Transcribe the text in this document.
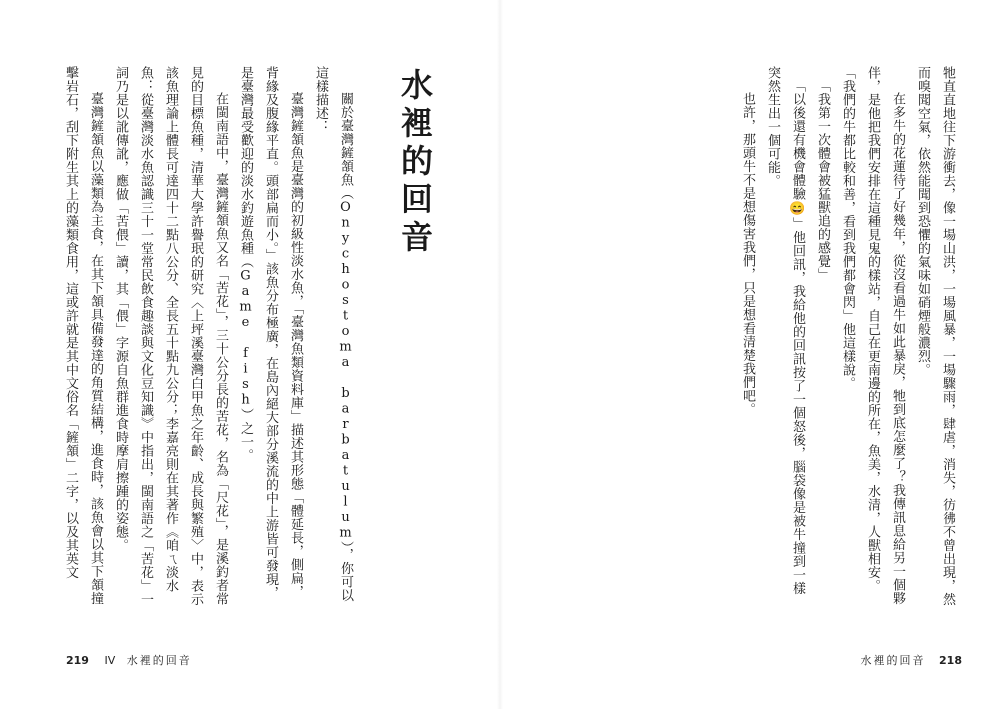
牠直直地往下游衝去，像一場山洪，一場風暴，一場驟雨，肆虐，消失，彷彿不曾出現，然而嗅聞空氣，依然能聞到恐懼的氣味如硝煙般濃烈。

在多牛的花蓮待了好幾年，從沒看過牛如此暴戾，牠到底怎麼了？我傳訊息給另一個夥伴，是他把我們安排在這種見鬼的樣站，自己在更南邊的所在，魚美，水清，人獸相安。

「我們的牛都比較和善，看到我們都會閃」他這樣說。

「我第一次體會被猛獸追的感覺」

「以後還有機會體驗😄」他回訊，我給他的回訊按了一個怒後，腦袋像是被牛撞到一樣突然生出一個可能。

也許，那頭牛不是想傷害我們，只是想看清楚我們吧。

水裡的回音 218
水裡的回音

關於臺灣鏟頷魚（Onychostoma barbatulum），你可以這樣描述：

臺灣鏟頷魚是臺灣的初級性淡水魚，「臺灣魚類資料庫」描述其形態「體延長，側扁，背緣及腹緣平直。頭部扁而小。」該魚分布極廣，在島內絕大部分溪流的中上游皆可發現，是臺灣最受歡迎的淡水釣遊魚種（Game fish）之一。

在閩南語中，臺灣鏟頷魚又名「苦花」，三十公分長的苦花，名為「尺花」，是溪釣者常見的目標魚種，清華大學許譽珉的研究〈上坪溪臺灣白甲魚之年齡、成長與繁殖〉中，表示該魚理論上體長可達四十二點八公分、全長五十點九公分；李嘉亮則在其著作《咱ㄟ淡水魚：從臺灣淡水魚認識三十一堂常民飲食趣談與文化豆知識》中指出，閩南語之「苦花」一詞乃是以訛傳訛，應做「苦偎」讀，其「偎」字源自魚群進食時摩肩擦踵的姿態。

臺灣鏟頷魚以藻類為主食，在其下頷具備發達的角質結構，進食時，該魚會以其下頷撞擊岩石，刮下附生其上的藻類食用，這或許就是其中文俗名「鏟頷」二字，以及其英文

219 IV 水裡的回音
